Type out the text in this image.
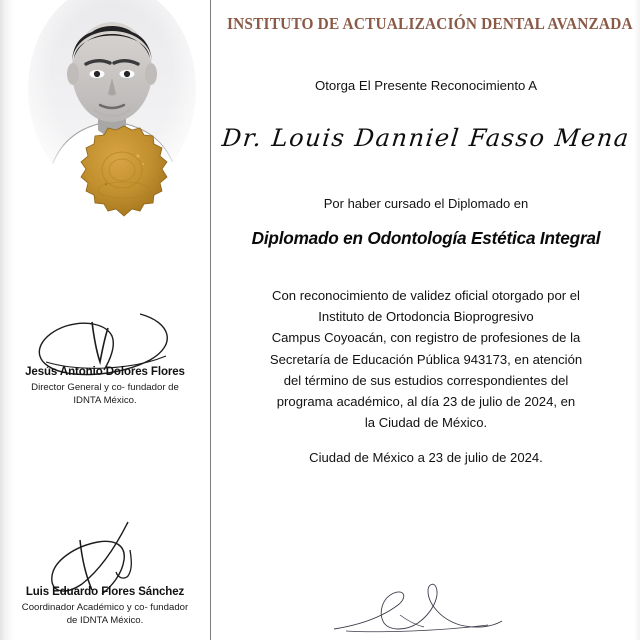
Jesús Antonio Dolores Flores
Director General y co- fundador de
IDNTA México.
Luis Eduardo Flores Sánchez
Coordinador Académico y co- fundador
de IDNTA México.
INSTITUTO DE ACTUALIZACIÓN DENTAL AVANZADA
Otorga El Presente Reconocimiento A
Dr. Louis Danniel Fasso Mena
Por haber cursado el Diplomado en
Diplomado en Odontología Estética Integral
Con reconocimiento de validez oficial otorgado por el
Instituto de Ortodoncia Bioprogresivo
Campus Coyoacán, con registro de profesiones de la
Secretaría de Educación Pública 943173, en atención
del término de sus estudios correspondientes del
programa académico, al día 23 de julio de 2024, en
la Ciudad de México.
Ciudad de México a 23 de julio de 2024.
